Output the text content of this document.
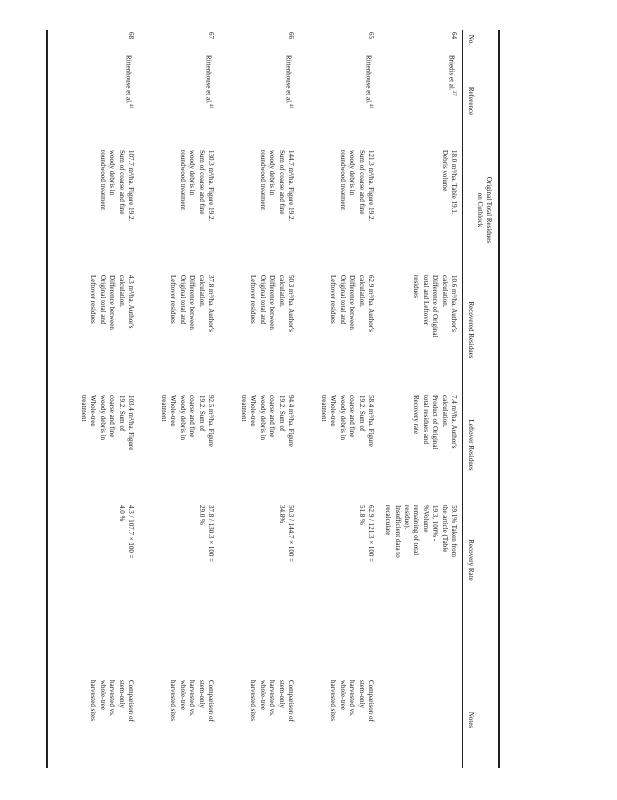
No.
Reference
Original Total Residues
on Cutblock
Recovered Residues
Leftover Residues
Recovery Rate
Notes
64
Briedis et al.$^{37}$
18.0 m³/ha. Table 19.1.
Debris volume
10.6 m³/ha. Author's
calculation.
Difference of Original
total and Leftover
residues
7.4 m³/ha. Author's
calculation.
Product of Original
total residues and
Recovery rate
59.1% Taken from
the article (Table
19.3, 100% -
%Volume
remaining of total
residue).
Insufficient data to
recalculate
65
Rittenhouse et al.$^{41}$
121.3 m³/ha. Figure 19.2.
Sum of coarse and fine
woody debris in
roundwood treatment
62.9 m³/ha. Author's
calculation.
Difference between
Original total and
Leftover residues
58.4 m³/ha. Figure
19.2. Sum of
coarse and fine
woody debris in
Whole-tree
treatment
62.9 / 121.3 × 100 =
51.8 %
Comparison of
stem-only
harvested vs.
whole-tree
harvested sites
66
Rittenhouse et al.$^{41}$
144.7 m³/ha. Figure 19.2.
Sum of coarse and fine
woody debris in
roundwood treatment
50.3 m³/ha. Author's
calculation.
Difference between
Original total and
Leftover residues
94.4 m³/ha. Figure
19.2. Sum of
coarse and fine
woody debris in
Whole-tree
treatment
50.3 / 144.7 × 100 =
34.8%
Comparison of
stem-only
harvested vs.
whole-tree
harvested sites
67
Rittenhouse et al.$^{41}$
130.3 m³/ha. Figure 19.2.
Sum of coarse and fine
woody debris in
roundwood treatment
37.8 m³/ha. Author's
calculation.
Difference between
Original total and
Leftover residues
92.5 m³/ha. Figure
19.2. Sum of
coarse and fine
woody debris in
Whole-tree
treatment
37.8 / 130.3 × 100 =
29.0 %
Comparison of
stem-only
harvested vs.
whole-tree
harvested sites
68
Rittenhouse et al.$^{41}$
107.7 m³/ha. Figure 19.2.
Sum of coarse and fine
woody debris in
roundwood treatment
4.3 m³/ha. Author's
calculation.
Difference between
Original total and
Leftover residues
103.4 m³/ha. Figure
19.2. Sum of
coarse and fine
woody debris in
Whole-tree
treatment
4.3 / 107.7 × 100 =
4.0 %
Comparison of
stem-only
harvested vs.
whole-tree
harvested sites
